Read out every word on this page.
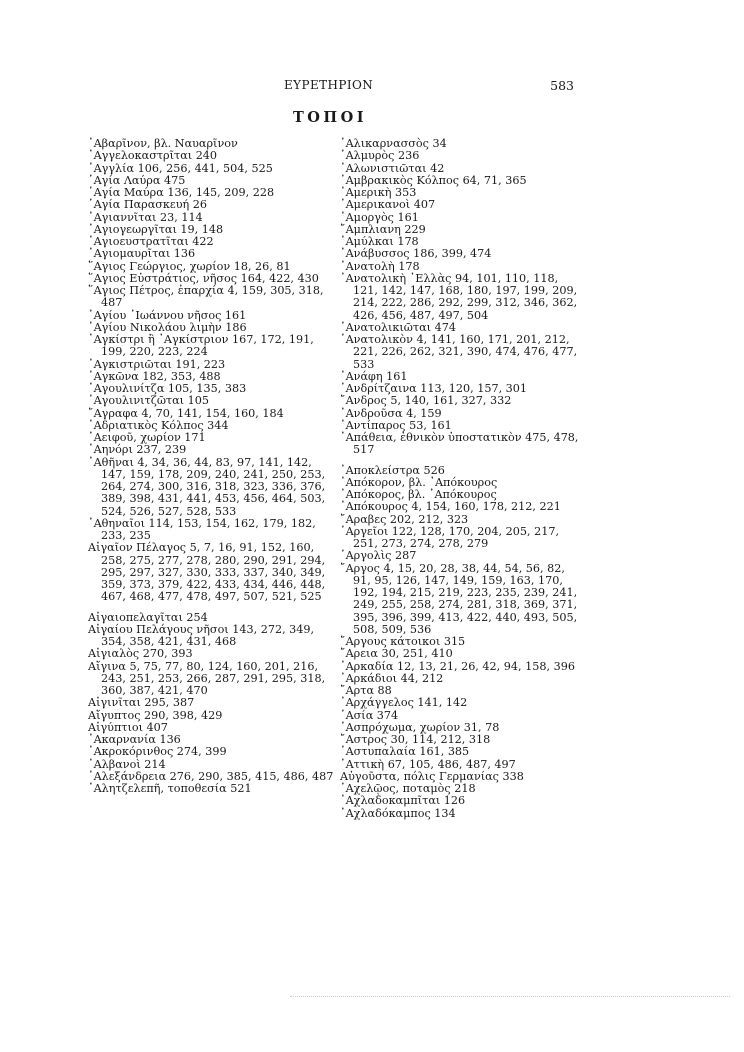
ΕΥΡΕΤΗΡΙΟΝ	583
ΤΟΠΟΙ

᾿Αβαρῖνον, βλ. Ναυαρῖνον

᾿Αγγελοκαστρῖται 240

᾿Αγγλία 106, 256, 441, 504, 525

῾Αγία Λαύρα 475

῾Αγία Μαύρα 136, 145, 209, 228

῾Αγία Παρασκευή 26

᾿Αγιαννῖται 23, 114

᾿Αγιογεωργῖται 19, 148

᾿Αγιοευστρατῖται 422

᾿Αγιομαυρῖται 136

῞Αγιος Γεώργιος, χωρίον 18, 26, 81

῞Αγιος Εὐστράτιος, νῆσος 164, 422, 430

῞Αγιος Πέτρος, ἐπαρχία 4, 159, 305, 318, 487

῾Αγίου ᾿Ιωάννου νῆσος 161

῾Αγίου Νικολάου λιμὴν 186

᾿Αγκίστρι ἢ ᾿Αγκίστριον 167, 172, 191, 199, 220, 223, 224

᾿Αγκιστριῶται 191, 223

᾿Αγκῶνα 182, 353, 488

᾿Αγουλινίτζα 105, 135, 383

᾿Αγουλινιτζῶται 105

῎Αγραφα 4, 70, 141, 154, 160, 184

᾿Αδριατικὸς Κόλπος 344

᾿Αειφοῦ, χωρίον 171

᾿Αηνόρι 237, 239

᾿Αθῆναι 4, 34, 36, 44, 83, 97, 141, 142, 147, 159, 178, 209, 240, 241, 250, 253, 264, 274, 300, 316, 318, 323, 336, 376, 389, 398, 431, 441, 453, 456, 464, 503, 524, 526, 527, 528, 533

᾿Αθηναῖοι 114, 153, 154, 162, 179, 182, 233, 235

Αἰγαῖον Πέλαγος 5, 7, 16, 91, 152, 160, 258, 275, 277, 278, 280, 290, 291, 294, 295, 297, 327, 330, 333, 337, 340, 349, 359, 373, 379, 422, 433, 434, 446, 448, 467, 468, 477, 478, 497, 507, 521, 525

Αἰγαιοπελαγῖται 254

Αἰγαίου Πελάγους νῆσοι 143, 272, 349, 354, 358, 421, 431, 468

Αἰγιαλὸς 270, 393

Αἴγινα 5, 75, 77, 80, 124, 160, 201, 216, 243, 251, 253, 266, 287, 291, 295, 318, 360, 387, 421, 470

Αἰγινῖται 295, 387

Αἴγυπτος 290, 398, 429

Αἰγύπτιοι 407

᾿Ακαρνανία 136

᾿Ακροκόρινθος 274, 399

᾿Αλβανοὶ 214

᾿Αλεξάνδρεια 276, 290, 385, 415, 486, 487

᾿Αλητζελεπῆ, τοποθεσία 521

῾Αλικαρνασσὸς 34

῾Αλμυρὸς 236

᾿Αλωνιστιῶται 42

᾿Αμβρακικὸς Κόλπος 64, 71, 365

᾿Αμερικὴ 353

᾿Αμερικανοὶ 407

᾿Αμοργὸς 161

῎Αμπλιανη 229

᾿Αμύλκαι 178

᾿Ανάβυσσος 186, 399, 474

᾿Ανατολὴ 178

᾿Ανατολικὴ ῾Ελλὰς 94, 101, 110, 118, 121, 142, 147, 168, 180, 197, 199, 209, 214, 222, 286, 292, 299, 312, 346, 362, 426, 456, 487, 497, 504

᾿Ανατολικιῶται 474

᾿Ανατολικὸν 4, 141, 160, 171, 201, 212, 221, 226, 262, 321, 390, 474, 476, 477, 533

᾿Ανάφη 161

᾿Ανδρίτζαινα 113, 120, 157, 301

῎Ανδρος 5, 140, 161, 327, 332

᾿Ανδροῦσα 4, 159

᾿Αντίπαρος 53, 161

᾿Απάθεια, ἐθνικὸν ὑποστατικὸν 475, 478, 517

᾿Αποκλείστρα 526

᾿Απόκορον, βλ. ᾿Απόκουρος

᾿Απόκορος, βλ. ᾿Απόκουρος

᾿Απόκουρος 4, 154, 160, 178, 212, 221

῎Αραβες 202, 212, 323

᾿Αργεῖοι 122, 128, 170, 204, 205, 217, 251, 273, 274, 278, 279

᾿Αργολὶς 287

῎Αργος 4, 15, 20, 28, 38, 44, 54, 56, 82, 91, 95, 126, 147, 149, 159, 163, 170, 192, 194, 215, 219, 223, 235, 239, 241, 249, 255, 258, 274, 281, 318, 369, 371, 395, 396, 399, 413, 422, 440, 493, 505, 508, 509, 536

῎Αργους κάτοικοι 315

῎Αρεια 30, 251, 410

᾿Αρκαδία 12, 13, 21, 26, 42, 94, 158, 396

᾿Αρκάδιοι 44, 212

῎Αρτα 88

᾿Αρχάγγελος 141, 142

᾿Ασία 374

᾿Ασπρόχωμα, χωρίον 31, 78

῎Αστρος 30, 114, 212, 318

᾿Αστυπαλαία 161, 385

᾿Αττικὴ 67, 105, 486, 487, 497

Αὐγοῦστα, πόλις Γερμανίας 338

᾿Αχελῷος, ποταμὸς 218

᾿Αχλαδοκαμπῖται 126

᾿Αχλαδόκαμπος 134
